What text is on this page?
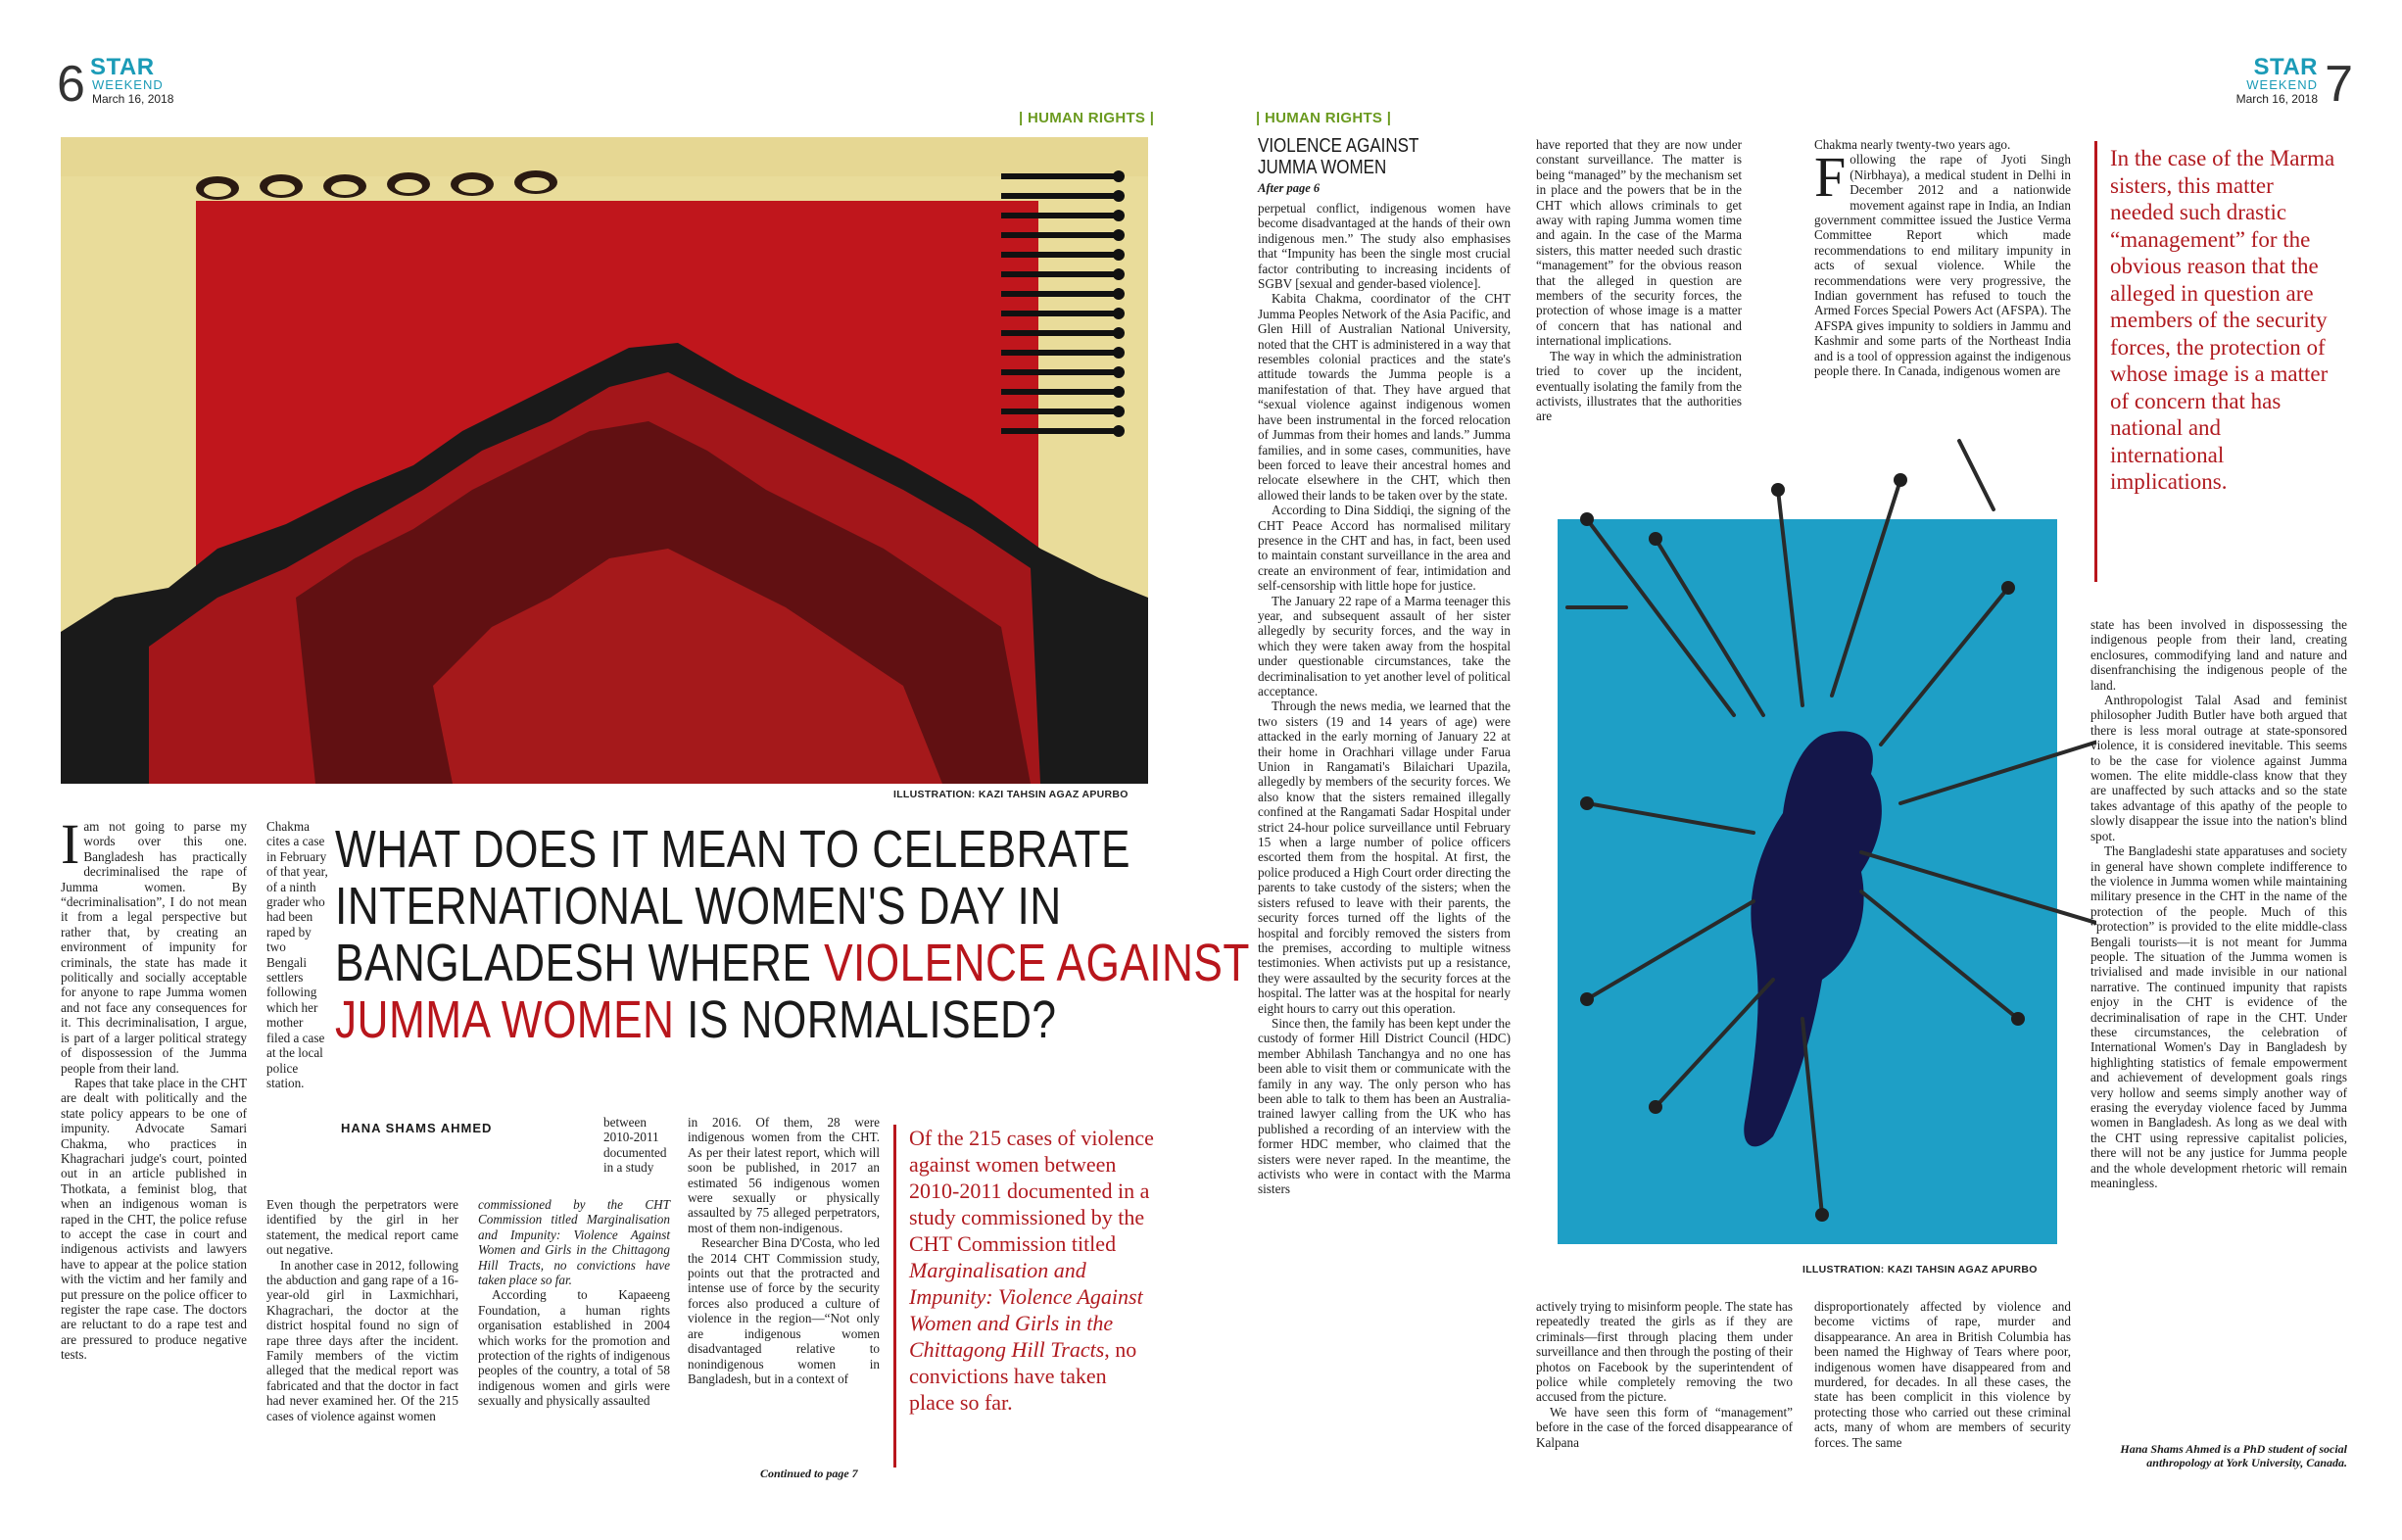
6 STAR
WEEKEND
March 16, 2018
| HUMAN RIGHTS |
ILLUSTRATION: KAZI TAHSIN AGAZ APURBO

Iam not going to parse my words over this one. Bangladesh has practically decriminalised the rape of Jumma women. By “decriminalisation”, I do not mean it from a legal perspective but rather that, by creating an environment of impunity for criminals, the state has made it politically and socially acceptable for anyone to rape Jumma women and not face any consequences for it. This decriminalisation, I argue, is part of a larger political strategy of dispossession of the Jumma people from their land.

Rapes that take place in the CHT are dealt with politically and the state policy appears to be one of impunity. Advocate Samari Chakma, who practices in Khagrachari judge's court, pointed out in an article published in Thotkata, a feminist blog, that when an indigenous woman is raped in the CHT, the police refuse to accept the case in court and indigenous activists and lawyers have to appear at the police station with the victim and her family and put pressure on the police officer to register the rape case. The doctors are reluctant to do a rape test and are pressured to produce negative tests.

Chakma cites a case in February of that year, of a ninth grader who had been raped by two Bengali settlers following which her mother filed a case at the local police station.

WHAT DOES IT MEAN TO CELEBRATE
INTERNATIONAL WOMEN'S DAY IN
BANGLADESH WHERE VIOLENCE AGAINST
JUMMA WOMEN IS NORMALISED?

Even though the perpetrators were identified by the girl in her statement, the medical report came out negative.

In another case in 2012, following the abduction and gang rape of a 16-year-old girl in Laxmichhari, Khagrachari, the doctor at the district hospital found no sign of rape three days after the incident. Family members of the victim alleged that the medical report was fabricated and that the doctor in fact had never examined her. Of the 215 cases of violence against women

HANA SHAMS AHMED	between 2010-2011 documented in a study

commissioned by the CHT Commission titled Marginalisation and Impunity: Violence Against Women and Girls in the Chittagong Hill Tracts, no convictions have taken place so far.

According to Kapaeeng Foundation, a human rights organisation established in 2004 which works for the promotion and protection of the rights of indigenous peoples of the country, a total of 58 indigenous women and girls were sexually and physically assaulted

in 2016. Of them, 28 were indigenous women from the CHT. As per their latest report, which will soon be published, in 2017 an estimated 56 indigenous women were sexually or physically assaulted by 75 alleged perpetrators, most of them non-indigenous.

Researcher Bina D'Costa, who led the 2014 CHT Commission study, points out that the protracted and intense use of force by the security forces also produced a culture of violence in the region—“Not only are indigenous women disadvantaged relative to nonindigenous women in Bangladesh, but in a context of

Continued to page 7
Of the 215 cases of violence against women between 2010-2011 documented in a study commissioned by the CHT Commission titled Marginalisation and Impunity: Violence Against Women and Girls in the Chittagong Hill Tracts, no convictions have taken place so far.
STAR
WEEKEND
March 16, 2018 7
| HUMAN RIGHTS |
VIOLENCE AGAINST
JUMMA WOMEN
After page 6

perpetual conflict, indigenous women have become disadvantaged at the hands of their own indigenous men.” The study also emphasises that “Impunity has been the single most crucial factor contributing to increasing incidents of SGBV [sexual and gender-based violence].

Kabita Chakma, coordinator of the CHT Jumma Peoples Network of the Asia Pacific, and Glen Hill of Australian National University, noted that the CHT is administered in a way that resembles colonial practices and the state's attitude towards the Jumma people is a manifestation of that. They have argued that “sexual violence against indigenous women have been instrumental in the forced relocation of Jummas from their homes and lands.” Jumma families, and in some cases, communities, have been forced to leave their ancestral homes and relocate elsewhere in the CHT, which then allowed their lands to be taken over by the state.

According to Dina Siddiqi, the signing of the CHT Peace Accord has normalised military presence in the CHT and has, in fact, been used to maintain constant surveillance in the area and create an environment of fear, intimidation and self-censorship with little hope for justice.

The January 22 rape of a Marma teenager this year, and subsequent assault of her sister allegedly by security forces, and the way in which they were taken away from the hospital under questionable circumstances, take the decriminalisation to yet another level of political acceptance.

Through the news media, we learned that the two sisters (19 and 14 years of age) were attacked in the early morning of January 22 at their home in Orachhari village under Farua Union in Rangamati's Bilaichari Upazila, allegedly by members of the security forces. We also know that the sisters remained illegally confined at the Rangamati Sadar Hospital under strict 24-hour police surveillance until February 15 when a large number of police officers escorted them from the hospital. At first, the police produced a High Court order directing the parents to take custody of the sisters; when the sisters refused to leave with their parents, the security forces turned off the lights of the hospital and forcibly removed the sisters from the premises, according to multiple witness testimonies. When activists put up a resistance, they were assaulted by the security forces at the hospital. The latter was at the hospital for nearly eight hours to carry out this operation.

Since then, the family has been kept under the custody of former Hill District Council (HDC) member Abhilash Tanchangya and no one has been able to visit them or communicate with the family in any way. The only person who has been able to talk to them has been an Australia-trained lawyer calling from the UK who has published a recording of an interview with the former HDC member, who claimed that the sisters were never raped. In the meantime, the activists who were in contact with the Marma sisters

have reported that they are now under constant surveillance. The matter is being “managed” by the mechanism set in place and the powers that be in the CHT which allows criminals to get away with raping Jumma women time and again. In the case of the Marma sisters, this matter needed such drastic “management” for the obvious reason that the alleged in question are members of the security forces, the protection of whose image is a matter of concern that has national and international implications.

The way in which the administration tried to cover up the incident, eventually isolating the family from the activists, illustrates that the authorities are

Chakma nearly twenty-two years ago.

Following the rape of Jyoti Singh (Nirbhaya), a medical student in Delhi in December 2012 and a nationwide movement against rape in India, an Indian government committee issued the Justice Verma Committee Report which made recommendations to end military impunity in acts of sexual violence. While the recommendations were very progressive, the Indian government has refused to touch the Armed Forces Special Powers Act (AFSPA). The AFSPA gives impunity to soldiers in Jammu and Kashmir and some parts of the Northeast India and is a tool of oppression against the indigenous people there. In Canada, indigenous women are

In the case of the Marma sisters, this matter needed such drastic “management” for the obvious reason that the alleged in question are members of the security forces, the protection of whose image is a matter of concern that has national and international implications.
ILLUSTRATION: KAZI TAHSIN AGAZ APURBO

state has been involved in dispossessing the indigenous people from their land, creating enclosures, commodifying land and nature and disenfranchising the indigenous people of the land.

Anthropologist Talal Asad and feminist philosopher Judith Butler have both argued that there is less moral outrage at state-sponsored violence, it is considered inevitable. This seems to be the case for violence against Jumma women. The elite middle-class know that they are unaffected by such attacks and so the state takes advantage of this apathy of the people to slowly disappear the issue into the nation's blind spot.

The Bangladeshi state apparatuses and society in general have shown complete indifference to the violence in Jumma women while maintaining military presence in the CHT in the name of the protection of the people. Much of this “protection” is provided to the elite middle-class Bengali tourists—it is not meant for Jumma people. The situation of the Jumma women is trivialised and made invisible in our national narrative. The continued impunity that rapists enjoy in the CHT is evidence of the decriminalisation of rape in the CHT. Under these circumstances, the celebration of International Women's Day in Bangladesh by highlighting statistics of female empowerment and achievement of development goals rings very hollow and seems simply another way of erasing the everyday violence faced by Jumma women in Bangladesh. As long as we deal with the CHT using repressive capitalist policies, there will not be any justice for Jumma people and the whole development rhetoric will remain meaningless.

Hana Shams Ahmed is a PhD student of social anthropology at York University, Canada.

actively trying to misinform people. The state has repeatedly treated the girls as if they are criminals—first through placing them under surveillance and then through the posting of their photos on Facebook by the superintendent of police while completely removing the two accused from the picture.

We have seen this form of “management” before in the case of the forced disappearance of Kalpana

disproportionately affected by violence and become victims of rape, murder and disappearance. An area in British Columbia has been named the Highway of Tears where poor, indigenous women have disappeared from and murdered, for decades. In all these cases, the state has been complicit in this violence by protecting those who carried out these criminal acts, many of whom are members of security forces. The same
